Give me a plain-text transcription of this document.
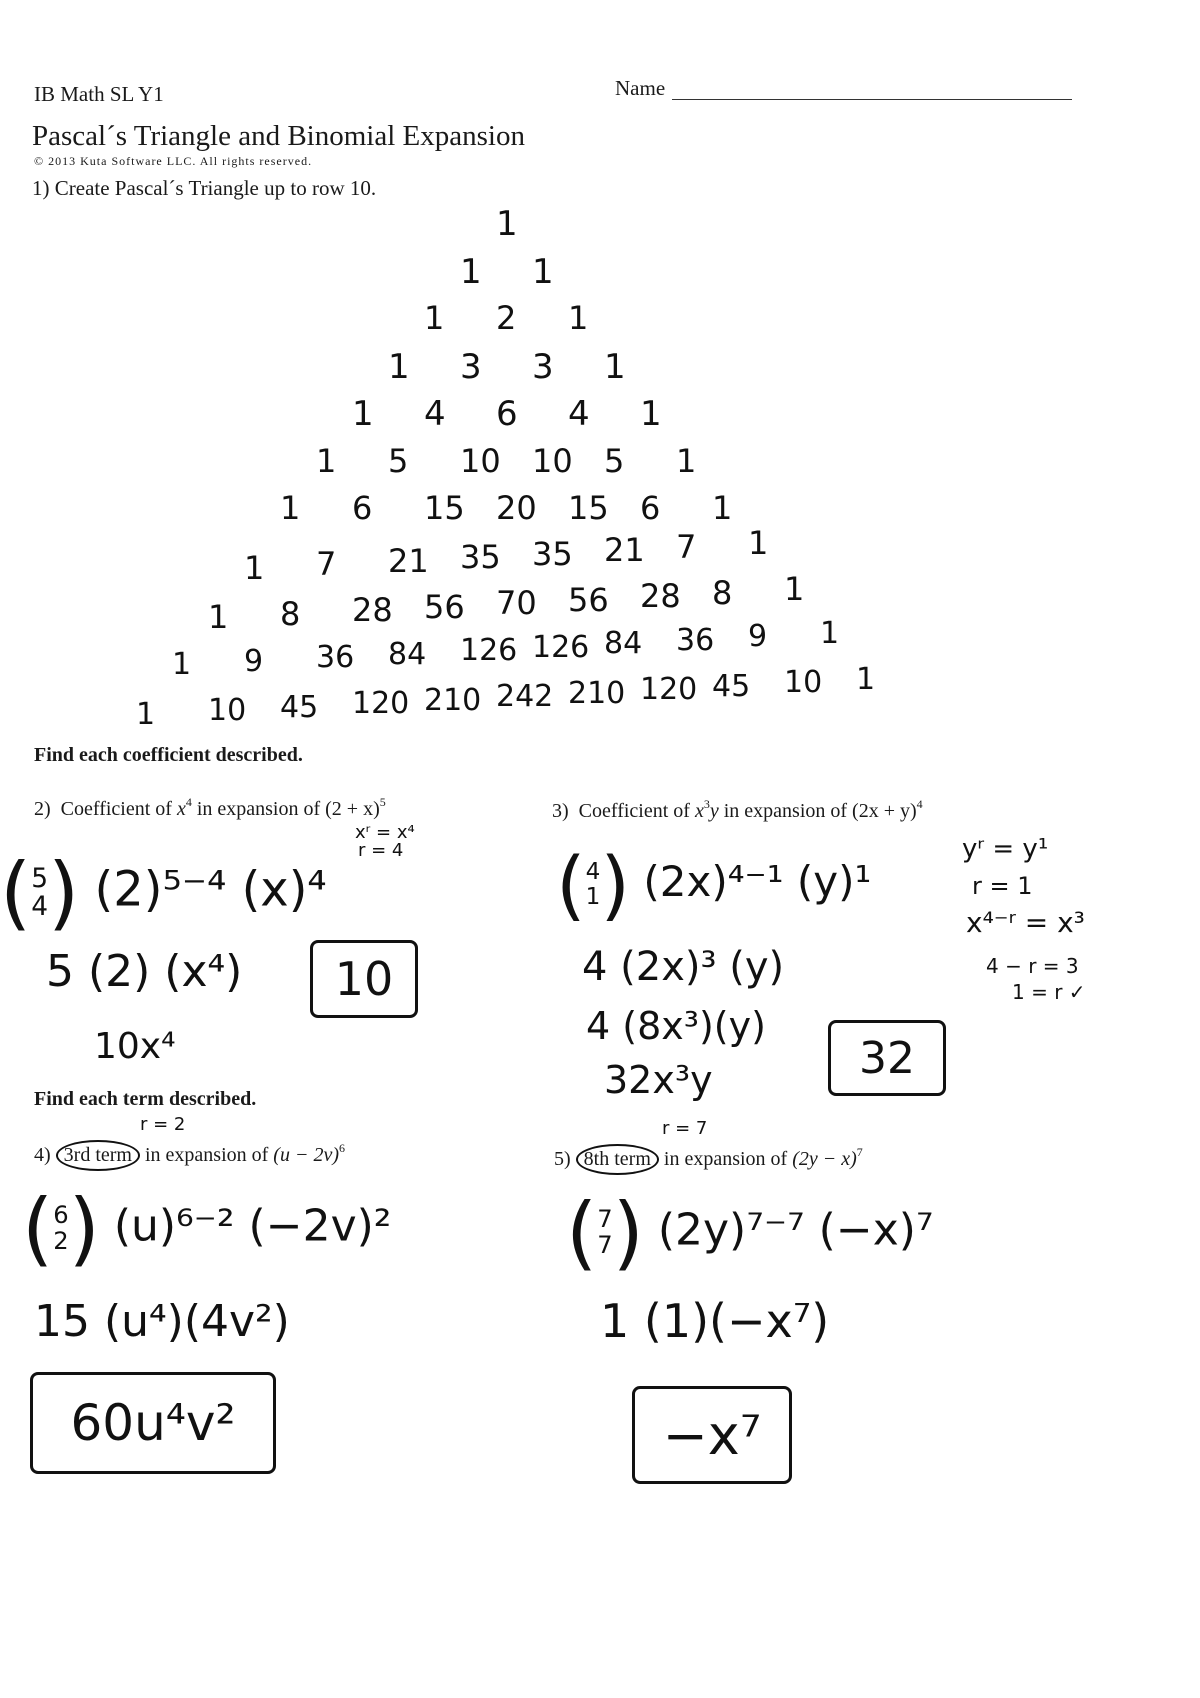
IB Math SL Y1	Name
Pascal´s Triangle and Binomial Expansion
© 2013 Kuta Software LLC. All rights reserved.
1) Create Pascal´s Triangle up to row 10.
1
1 1
1 2 1
1 3 3 1
1 4 6 4 1
1 5 10 10 5 1
1 6 15 20 15 6 1
1 7 21 35 35 21 7 1
1 8 28 56 70 56 28 8 1
1 9 36 84 126 126 84 36 9 1
1 10 45 120 210 242 210 120 45 10 1
Find each coefficient described.
2) Coefficient of $x^4$ in expansion of $(2 + x)^5$
xʳ = x⁴
r = 4
(5
4) (2)⁵⁻⁴ (x)⁴
5 (2) (x⁴)
10x⁴
10
3) Coefficient of $x^3y$ in expansion of $(2x + y)^4$
(4
1) (2x)⁴⁻¹ (y)¹
4 (2x)³ (y)
4 (8x³)(y)
32x³y	32
yʳ = y¹
r = 1
x⁴⁻ʳ = x³
4 − r = 3
1 = r ✓
Find each term described.
r = 2
4) 3rd term in expansion of $(u - 2v)^6$
(6
2) (u)⁶⁻² (−2v)²
15 (u⁴)(4v²)
60u⁴v²
r = 7
5) 8th term in expansion of $(2y - x)^7$
(7
7) (2y)⁷⁻⁷ (−x)⁷
1 (1)(−x⁷)
−x⁷
